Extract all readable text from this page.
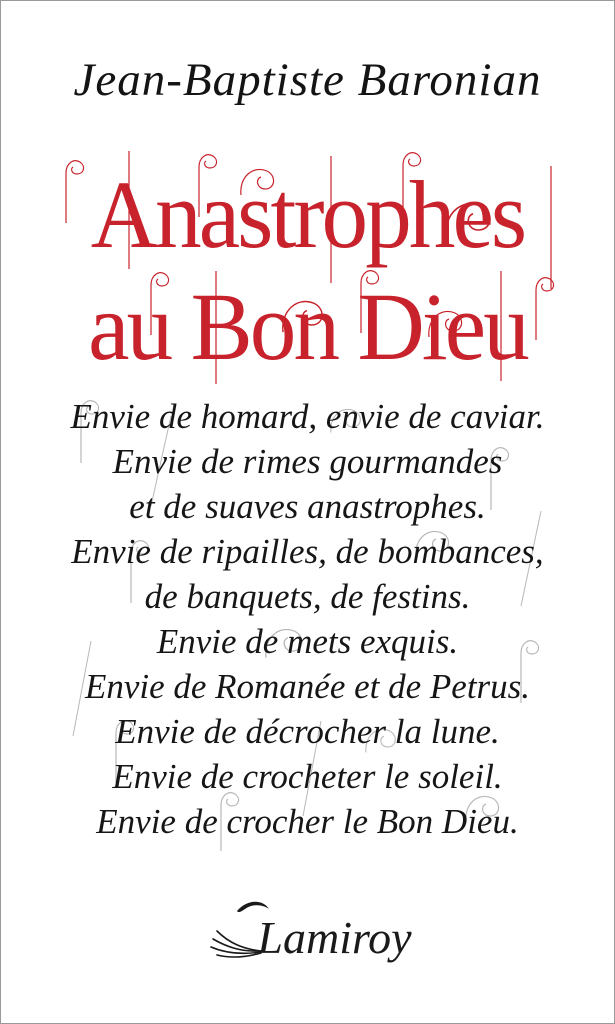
Jean-Baptiste Baronian
Anastrophes
au Bon Dieu
Envie de homard, envie de caviar.
Envie de rimes gourmandes
et de suaves anastrophes.
Envie de ripailles, de bombances,
de banquets, de festins.
Envie de mets exquis.
Envie de Romanée et de Petrus.
Envie de décrocher la lune.
Envie de crocheter le soleil.
Envie de crocher le Bon Dieu.
Lamiroy
